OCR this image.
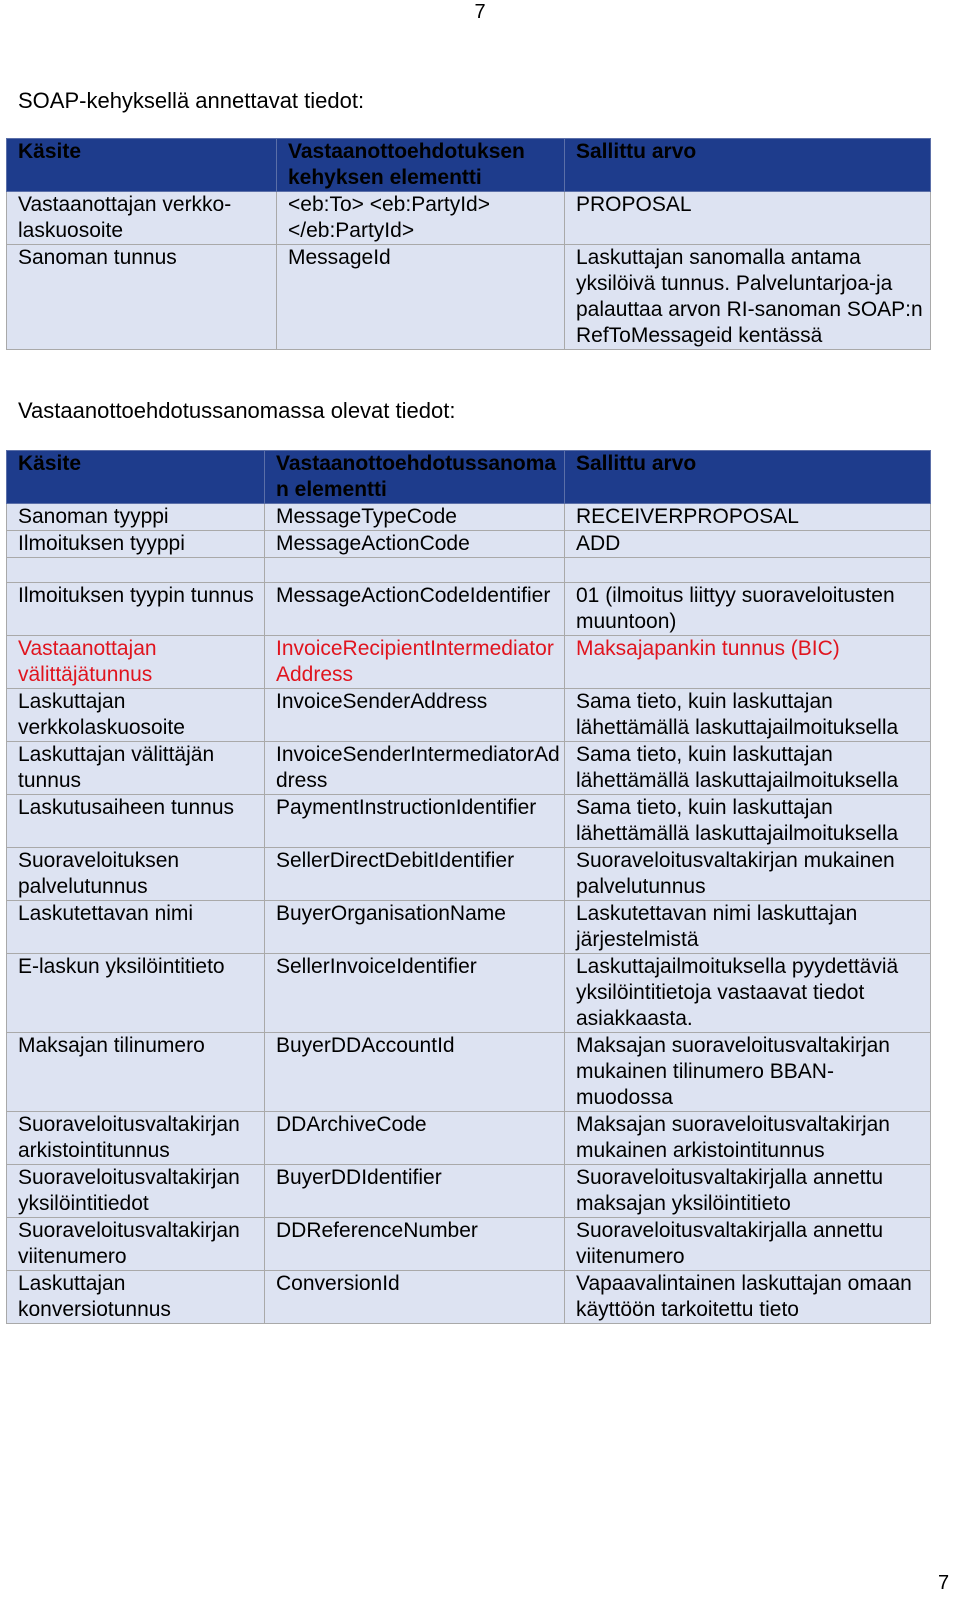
7
SOAP-kehyksellä annettavat tiedot:
Käsite	Vastaanottoehdotuksen kehyksen elementti	Sallittu arvo
Vastaanottajan verkko-laskuosoite	<eb:To> <eb:PartyId></eb:PartyId>	PROPOSAL
Sanoman tunnus	MessageId	Laskuttajan sanomalla antama yksilöivä tunnus. Palveluntarjoa-ja palauttaa arvon RI-sanoman SOAP:n RefToMessageid kentässä
Vastaanottoehdotussanomassa olevat tiedot:
Käsite	Vastaanottoehdotussanoman elementti	Sallittu arvo
Sanoman tyyppi	MessageTypeCode	RECEIVERPROPOSAL
Ilmoituksen tyyppi	MessageActionCode	ADD

Ilmoituksen tyypin tunnus	MessageActionCodeIdentifier	01 (ilmoitus liittyy suoraveloitusten muuntoon)
Vastaanottajan välittäjätunnus	InvoiceRecipientIntermediatorAddress	Maksajapankin tunnus (BIC)
Laskuttajan verkkolaskuosoite	InvoiceSenderAddress	Sama tieto, kuin laskuttajan lähettämällä laskuttajailmoituksella
Laskuttajan välittäjän tunnus	InvoiceSenderIntermediatorAddress	Sama tieto, kuin laskuttajan lähettämällä laskuttajailmoituksella
Laskutusaiheen tunnus	PaymentInstructionIdentifier	Sama tieto, kuin laskuttajan lähettämällä laskuttajailmoituksella
Suoraveloituksen palvelutunnus	SellerDirectDebitIdentifier	Suoraveloitusvaltakirjan mukainen palvelutunnus
Laskutettavan nimi	BuyerOrganisationName	Laskutettavan nimi laskuttajan järjestelmistä
E-laskun yksilöintitieto	SellerInvoiceIdentifier	Laskuttajailmoituksella pyydettäviä yksilöintitietoja vastaavat tiedot asiakkaasta.
Maksajan tilinumero	BuyerDDAccountId	Maksajan suoraveloitusvaltakirjan mukainen tilinumero BBAN-muodossa
Suoraveloitusvaltakirjan arkistointitunnus	DDArchiveCode	Maksajan suoraveloitusvaltakirjan mukainen arkistointitunnus
Suoraveloitusvaltakirjan yksilöintitiedot	BuyerDDIdentifier	Suoraveloitusvaltakirjalla annettu maksajan yksilöintitieto
Suoraveloitusvaltakirjan viitenumero	DDReferenceNumber	Suoraveloitusvaltakirjalla annettu viitenumero
Laskuttajan konversiotunnus	ConversionId	Vapaavalintainen laskuttajan omaan käyttöön tarkoitettu tieto
7
